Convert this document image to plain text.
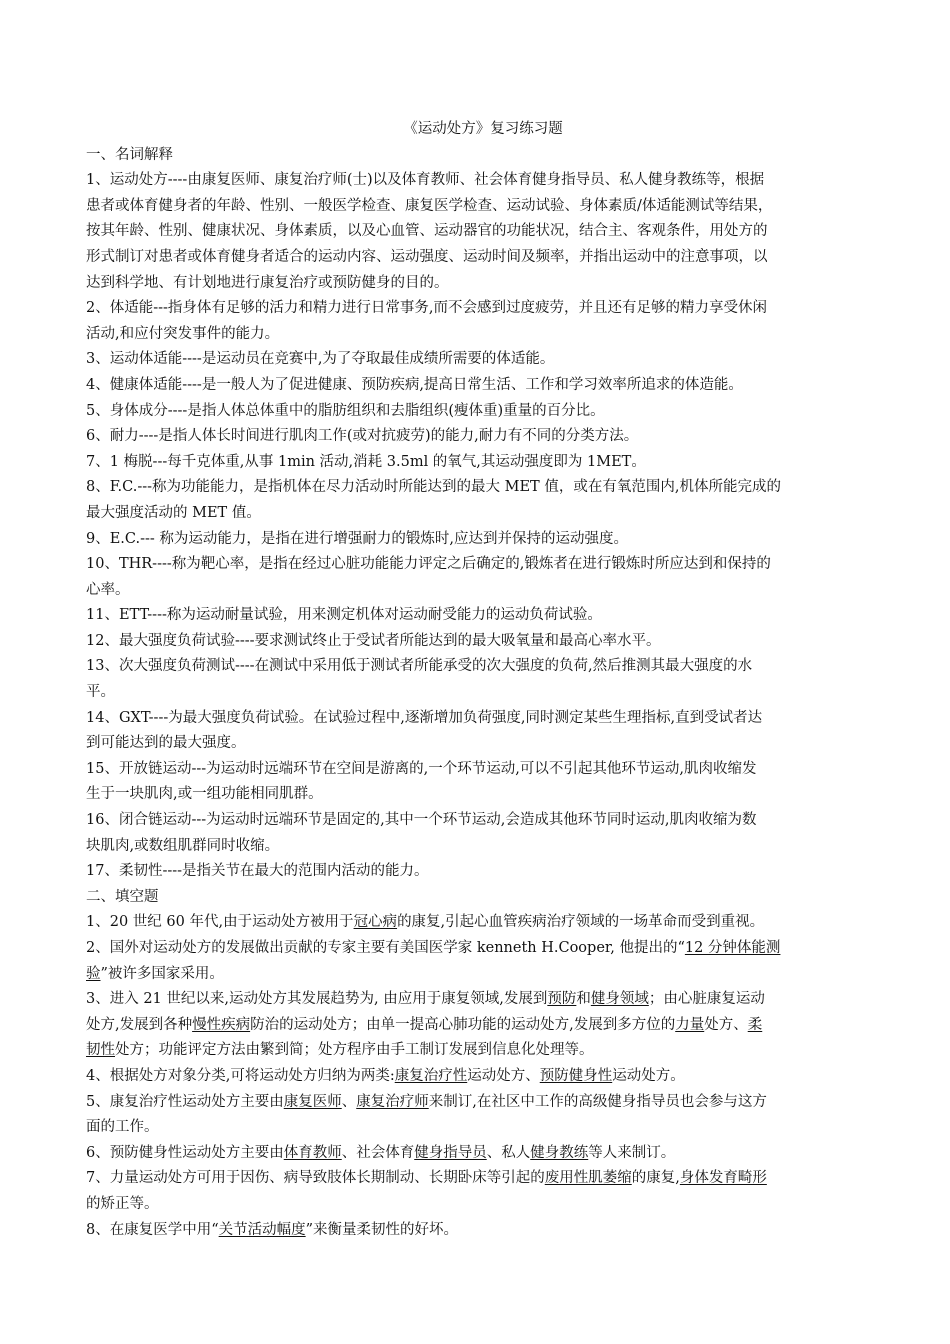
《运动处方》复习练习题

一、名词解释

1、运动处方----由康复医师、康复治疗师(士)以及体育教师、社会体育健身指导员、私人健身教练等，根据

患者或体育健身者的年龄、性别、一般医学检查、康复医学检查、运动试验、身体素质/体适能测试等结果，

按其年龄、性别、健康状况、身体素质，以及心血管、运动器官的功能状况，结合主、客观条件，用处方的

形式制订对患者或体育健身者适合的运动内容、运动强度、运动时间及频率，并指出运动中的注意事项，以

达到科学地、有计划地进行康复治疗或预防健身的目的。

2、体适能---指身体有足够的活力和精力进行日常事务,而不会感到过度疲劳，并且还有足够的精力享受休闲

活动,和应付突发事件的能力。

3、运动体适能----是运动员在竞赛中,为了夺取最佳成绩所需要的体适能。

4、健康体适能----是一般人为了促进健康、预防疾病,提高日常生活、工作和学习效率所追求的体造能。

5、身体成分----是指人体总体重中的脂肪组织和去脂组织(瘦体重)重量的百分比。

6、耐力----是指人体长时间进行肌肉工作(或对抗疲劳)的能力,耐力有不同的分类方法。

7、1 梅脱---每千克体重,从事 1min 活动,消耗 3.5ml 的氧气,其运动强度即为 1MET。

8、F.C.---称为功能能力，是指机体在尽力活动时所能达到的最大 MET 值，或在有氧范围内,机体所能完成的

最大强度活动的 MET 值。

9、E.C.--- 称为运动能力，是指在进行增强耐力的锻炼时,应达到并保持的运动强度。

10、THR----称为靶心率，是指在经过心脏功能能力评定之后确定的,锻炼者在进行锻炼时所应达到和保持的

心率。

11、ETT----称为运动耐量试验，用来测定机体对运动耐受能力的运动负荷试验。

12、最大强度负荷试验----要求测试终止于受试者所能达到的最大吸氧量和最高心率水平。

13、次大强度负荷测试----在测试中采用低于测试者所能承受的次大强度的负荷,然后推测其最大强度的水

平。

14、GXT----为最大强度负荷试验。在试验过程中,逐渐增加负荷强度,同时测定某些生理指标,直到受试者达

到可能达到的最大强度。

15、开放链运动---为运动时远端环节在空间是游离的,一个环节运动,可以不引起其他环节运动,肌肉收缩发

生于一块肌肉,或一组功能相同肌群。

16、闭合链运动---为运动时远端环节是固定的,其中一个环节运动,会造成其他环节同时运动,肌肉收缩为数

块肌肉,或数组肌群同时收缩。

17、柔韧性----是指关节在最大的范围内活动的能力。

二、填空题

1、20 世纪 60 年代,由于运动处方被用于冠心病的康复,引起心血管疾病治疗领域的一场革命而受到重视。

2、国外对运动处方的发展做出贡献的专家主要有美国医学家 kenneth H.Cooper, 他提出的“12 分钟体能测

验”被许多国家采用。

3、进入 21 世纪以来,运动处方其发展趋势为, 由应用于康复领域,发展到预防和健身领域；由心脏康复运动

处方,发展到各种慢性疾病防治的运动处方；由单一提高心肺功能的运动处方,发展到多方位的力量处方、柔

韧性处方；功能评定方法由繁到简；处方程序由手工制订发展到信息化处理等。

4、根据处方对象分类,可将运动处方归纳为两类:康复治疗性运动处方、预防健身性运动处方。

5、康复治疗性运动处方主要由康复医师、康复治疗师来制订,在社区中工作的高级健身指导员也会参与这方

面的工作。

6、预防健身性运动处方主要由体育教师、社会体育健身指导员、私人健身教练等人来制订。

7、力量运动处方可用于因伤、病导致肢体长期制动、长期卧床等引起的废用性肌萎缩的康复,身体发育畸形

的矫正等。

8、在康复医学中用“关节活动幅度”来衡量柔韧性的好坏。
